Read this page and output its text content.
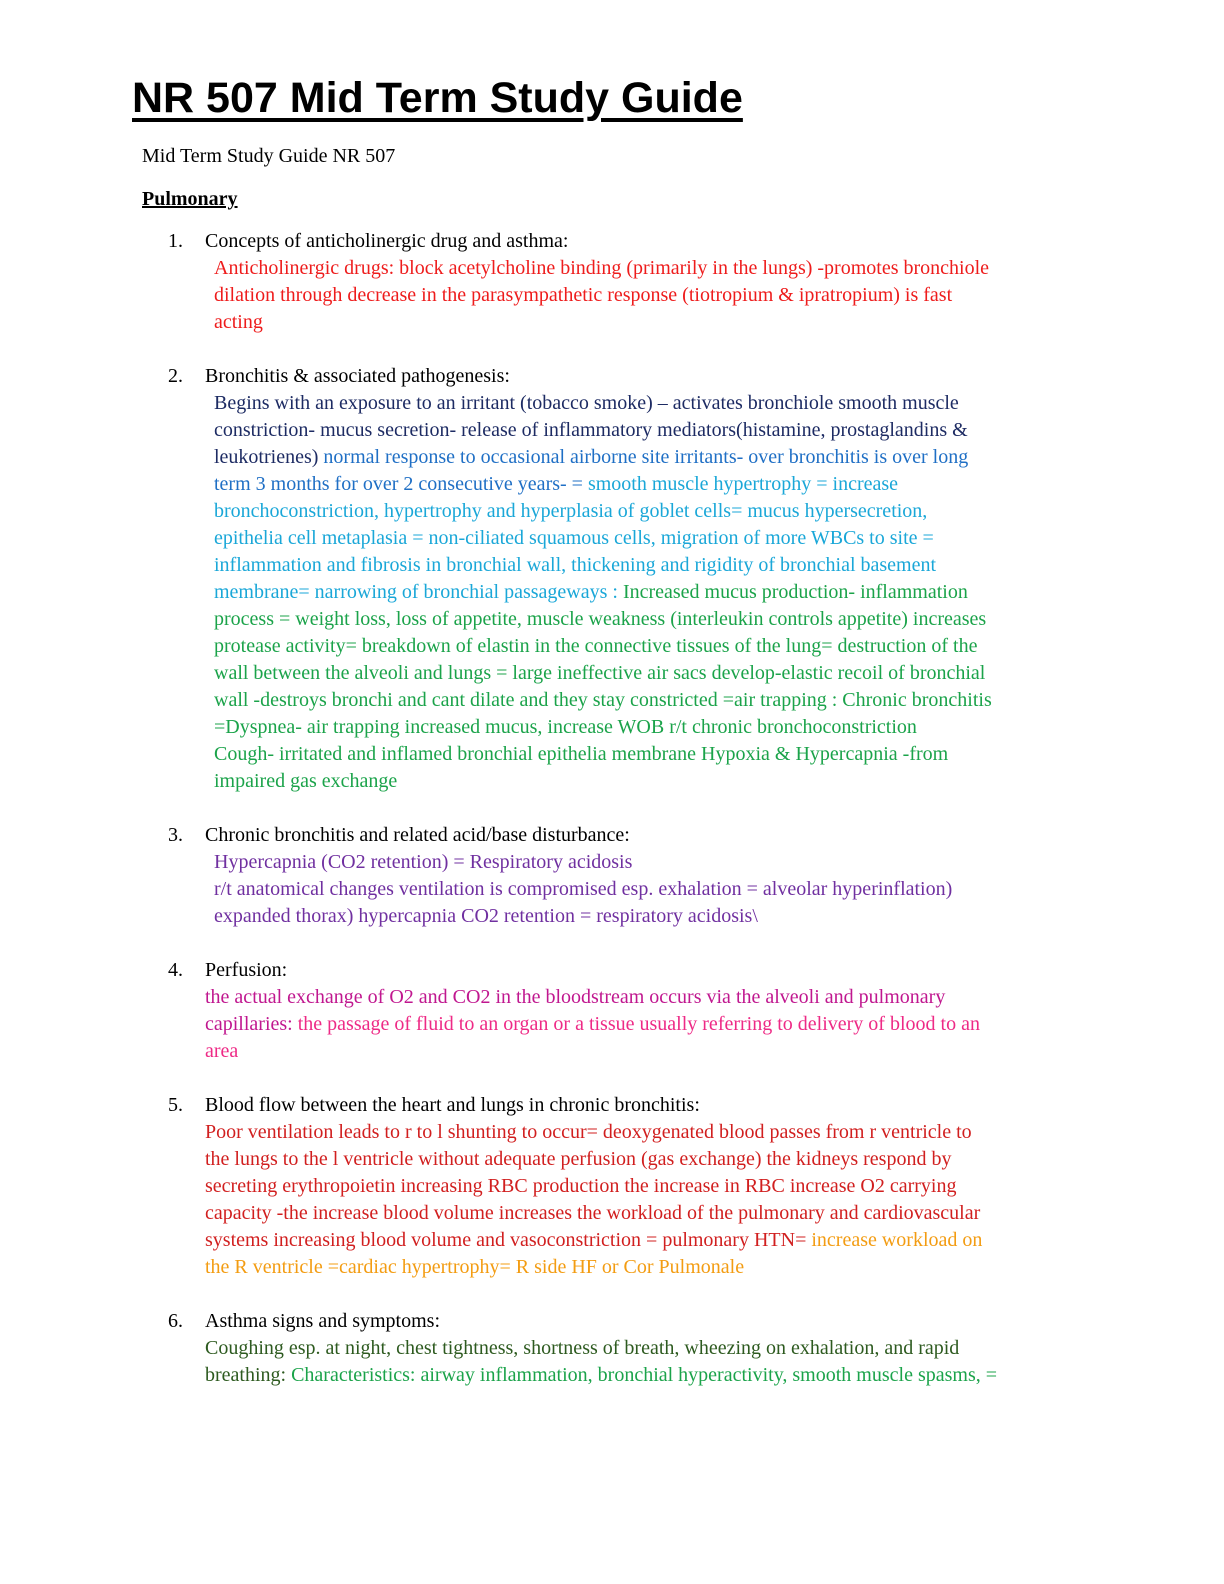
NR 507 Mid Term Study Guide

Mid Term Study Guide NR 507

Pulmonary

1. Concepts of anticholinergic drug and asthma:

Anticholinergic drugs: block acetylcholine binding (primarily in the lungs) -promotes bronchiole
dilation through decrease in the parasympathetic response (tiotropium & ipratropium) is fast
acting

2. Bronchitis & associated pathogenesis:

Begins with an exposure to an irritant (tobacco smoke) – activates bronchiole smooth muscle
constriction- mucus secretion- release of inflammatory mediators(histamine, prostaglandins &
leukotrienes) normal response to occasional airborne site irritants- over bronchitis is over long
term 3 months for over 2 consecutive years- = smooth muscle hypertrophy = increase
bronchoconstriction, hypertrophy and hyperplasia of goblet cells= mucus hypersecretion,
epithelia cell metaplasia = non-ciliated squamous cells, migration of more WBCs to site =
inflammation and fibrosis in bronchial wall, thickening and rigidity of bronchial basement
membrane= narrowing of bronchial passageways : Increased mucus production- inflammation
process = weight loss, loss of appetite, muscle weakness (interleukin controls appetite) increases
protease activity= breakdown of elastin in the connective tissues of the lung= destruction of the
wall between the alveoli and lungs = large ineffective air sacs develop-elastic recoil of bronchial
wall -destroys bronchi and cant dilate and they stay constricted =air trapping : Chronic bronchitis
=Dyspnea- air trapping increased mucus, increase WOB r/t chronic bronchoconstriction
Cough- irritated and inflamed bronchial epithelia membrane Hypoxia & Hypercapnia -from
impaired gas exchange

3. Chronic bronchitis and related acid/base disturbance:

Hypercapnia (CO2 retention) = Respiratory acidosis
r/t anatomical changes ventilation is compromised esp. exhalation = alveolar hyperinflation)
expanded thorax) hypercapnia CO2 retention = respiratory acidosis\

4. Perfusion:

the actual exchange of O2 and CO2 in the bloodstream occurs via the alveoli and pulmonary
capillaries: the passage of fluid to an organ or a tissue usually referring to delivery of blood to an
area

5. Blood flow between the heart and lungs in chronic bronchitis:

Poor ventilation leads to r to l shunting to occur= deoxygenated blood passes from r ventricle to
the lungs to the l ventricle without adequate perfusion (gas exchange) the kidneys respond by
secreting erythropoietin increasing RBC production the increase in RBC increase O2 carrying
capacity -the increase blood volume increases the workload of the pulmonary and cardiovascular
systems increasing blood volume and vasoconstriction = pulmonary HTN= increase workload on
the R ventricle =cardiac hypertrophy= R side HF or Cor Pulmonale

6. Asthma signs and symptoms:

Coughing esp. at night, chest tightness, shortness of breath, wheezing on exhalation, and rapid
breathing: Characteristics: airway inflammation, bronchial hyperactivity, smooth muscle spasms, =
